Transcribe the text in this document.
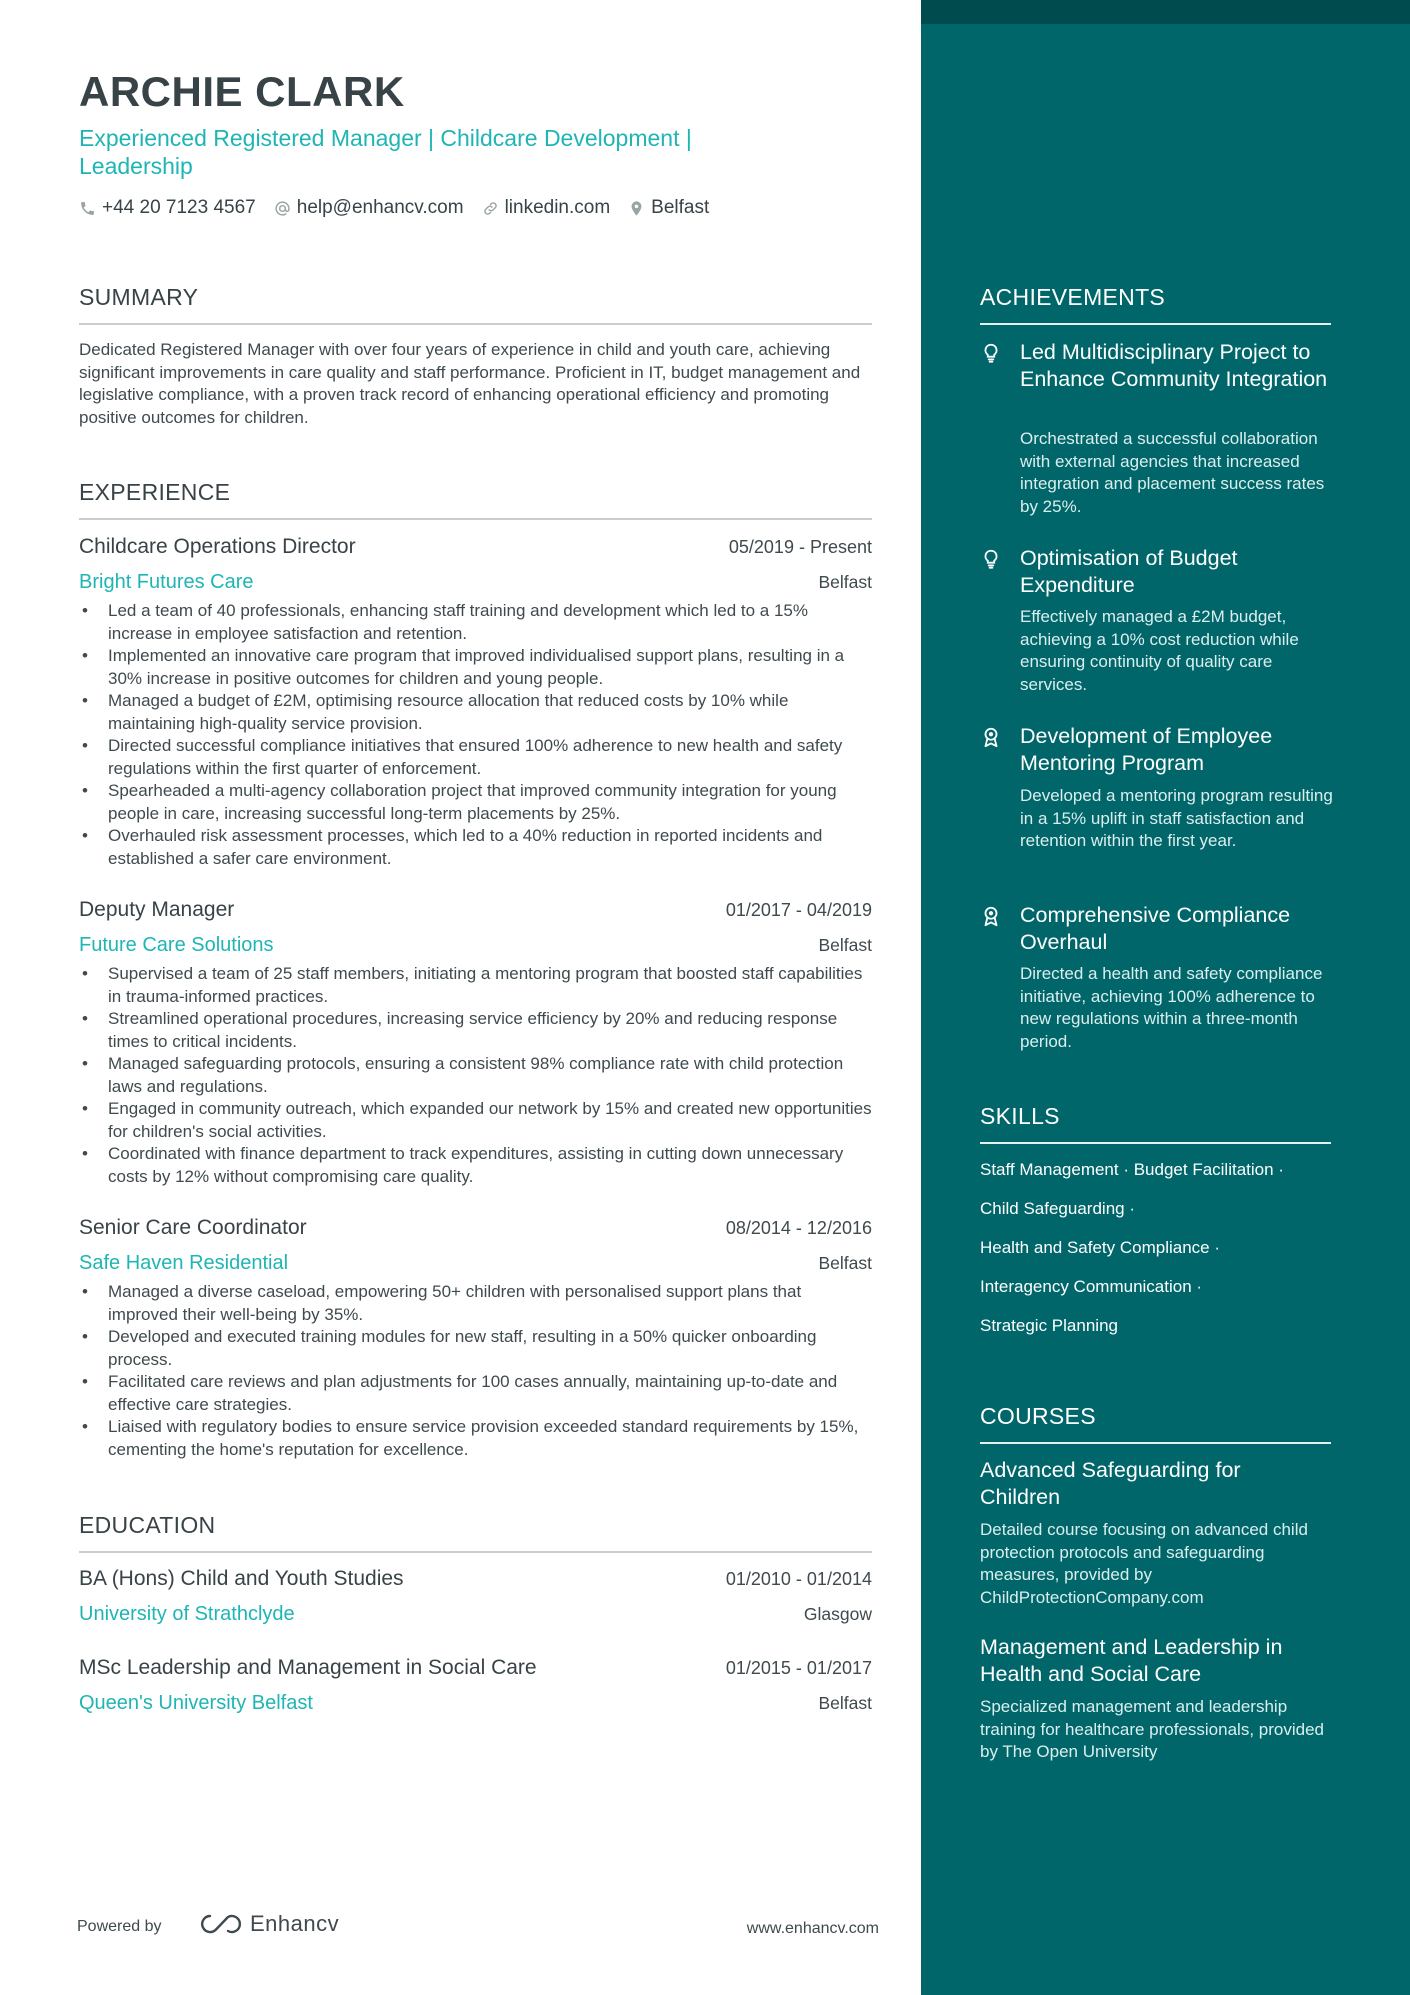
ARCHIE CLARK
Experienced Registered Manager | Childcare Development | Leadership
+44 20 7123 4567 help@enhancv.com linkedin.com Belfast
SUMMARY
Dedicated Registered Manager with over four years of experience in child and youth care, achieving significant improvements in care quality and staff performance. Proficient in IT, budget management and legislative compliance, with a proven track record of enhancing operational efficiency and promoting positive outcomes for children.
EXPERIENCE
Childcare Operations Director	05/2019 - Present
Bright Futures Care	Belfast
• Led a team of 40 professionals, enhancing staff training and development which led to a 15% increase in employee satisfaction and retention.
• Implemented an innovative care program that improved individualised support plans, resulting in a 30% increase in positive outcomes for children and young people.
• Managed a budget of £2M, optimising resource allocation that reduced costs by 10% while maintaining high-quality service provision.
• Directed successful compliance initiatives that ensured 100% adherence to new health and safety regulations within the first quarter of enforcement.
• Spearheaded a multi-agency collaboration project that improved community integration for young people in care, increasing successful long-term placements by 25%.
• Overhauled risk assessment processes, which led to a 40% reduction in reported incidents and established a safer care environment.
Deputy Manager	01/2017 - 04/2019
Future Care Solutions	Belfast
• Supervised a team of 25 staff members, initiating a mentoring program that boosted staff capabilities in trauma-informed practices.
• Streamlined operational procedures, increasing service efficiency by 20% and reducing response times to critical incidents.
• Managed safeguarding protocols, ensuring a consistent 98% compliance rate with child protection laws and regulations.
• Engaged in community outreach, which expanded our network by 15% and created new opportunities for children's social activities.
• Coordinated with finance department to track expenditures, assisting in cutting down unnecessary costs by 12% without compromising care quality.
Senior Care Coordinator	08/2014 - 12/2016
Safe Haven Residential	Belfast
• Managed a diverse caseload, empowering 50+ children with personalised support plans that improved their well-being by 35%.
• Developed and executed training modules for new staff, resulting in a 50% quicker onboarding process.
• Facilitated care reviews and plan adjustments for 100 cases annually, maintaining up-to-date and effective care strategies.
• Liaised with regulatory bodies to ensure service provision exceeded standard requirements by 15%, cementing the home's reputation for excellence.
EDUCATION
BA (Hons) Child and Youth Studies	01/2010 - 01/2014
University of Strathclyde	Glasgow
MSc Leadership and Management in Social Care	01/2015 - 01/2017
Queen's University Belfast	Belfast
Powered by	Enhancv	www.enhancv.com
ACHIEVEMENTS
Led Multidisciplinary Project to Enhance Community Integration
Orchestrated a successful collaboration with external agencies that increased integration and placement success rates by 25%.
Optimisation of Budget Expenditure
Effectively managed a £2M budget, achieving a 10% cost reduction while ensuring continuity of quality care services.
Development of Employee Mentoring Program
Developed a mentoring program resulting in a 15% uplift in staff satisfaction and retention within the first year.
Comprehensive Compliance Overhaul
Directed a health and safety compliance initiative, achieving 100% adherence to new regulations within a three-month period.
SKILLS
Staff Management · Budget Facilitation ·
Child Safeguarding ·
Health and Safety Compliance ·
Interagency Communication ·
Strategic Planning
COURSES
Advanced Safeguarding for Children
Detailed course focusing on advanced child protection protocols and safeguarding measures, provided by ChildProtectionCompany.com
Management and Leadership in Health and Social Care
Specialized management and leadership training for healthcare professionals, provided by The Open University
